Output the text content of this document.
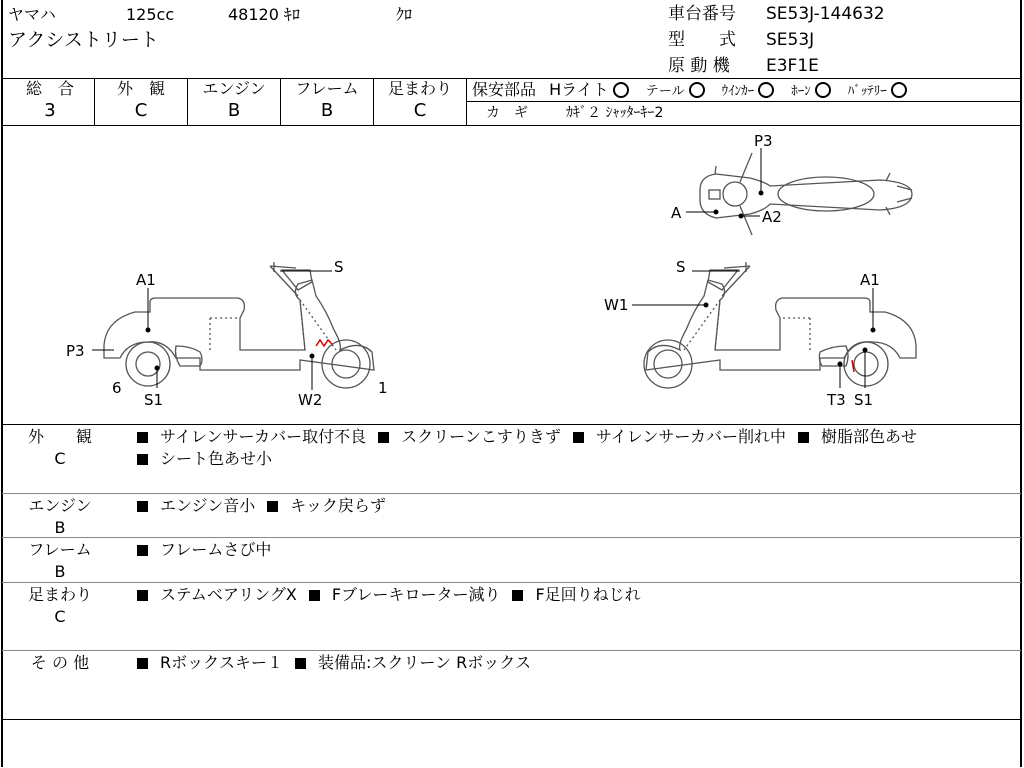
ヤマハ	125cc	48120 ｷﾛ	ｸﾛ
アクシストリート
車台番号 SE53J-144632
型　　式 SE53J
原 動 機 E3F1E
総　合
3
外　観
C
エンジン
B
フレーム
B
足まわり
C
保安部品 Hライト	テール	ｳｲﾝｶｰ	ﾎｰﾝ	ﾊﾞｯﾃﾘｰ
カ　ギ	ｶｷﾞ２ ｼｬｯﾀｰｷｰ2
P3
A	A2
S
A1
P3
6
S1	W2
1
S
W1
A1
T3 S1
外　　観
C
サイレンサーカバー取付不良 スクリーンこすりきず サイレンサーカバー削れ中 樹脂部色あせ
シート色あせ小
エンジン
B
エンジン音小 キック戻らず
フレーム
B
フレームさび中
足まわり
C
ステムベアリングX Fブレーキローター減り F足回りねじれ
そ の 他	Rボックスキー１ 装備品:スクリーン Rボックス
